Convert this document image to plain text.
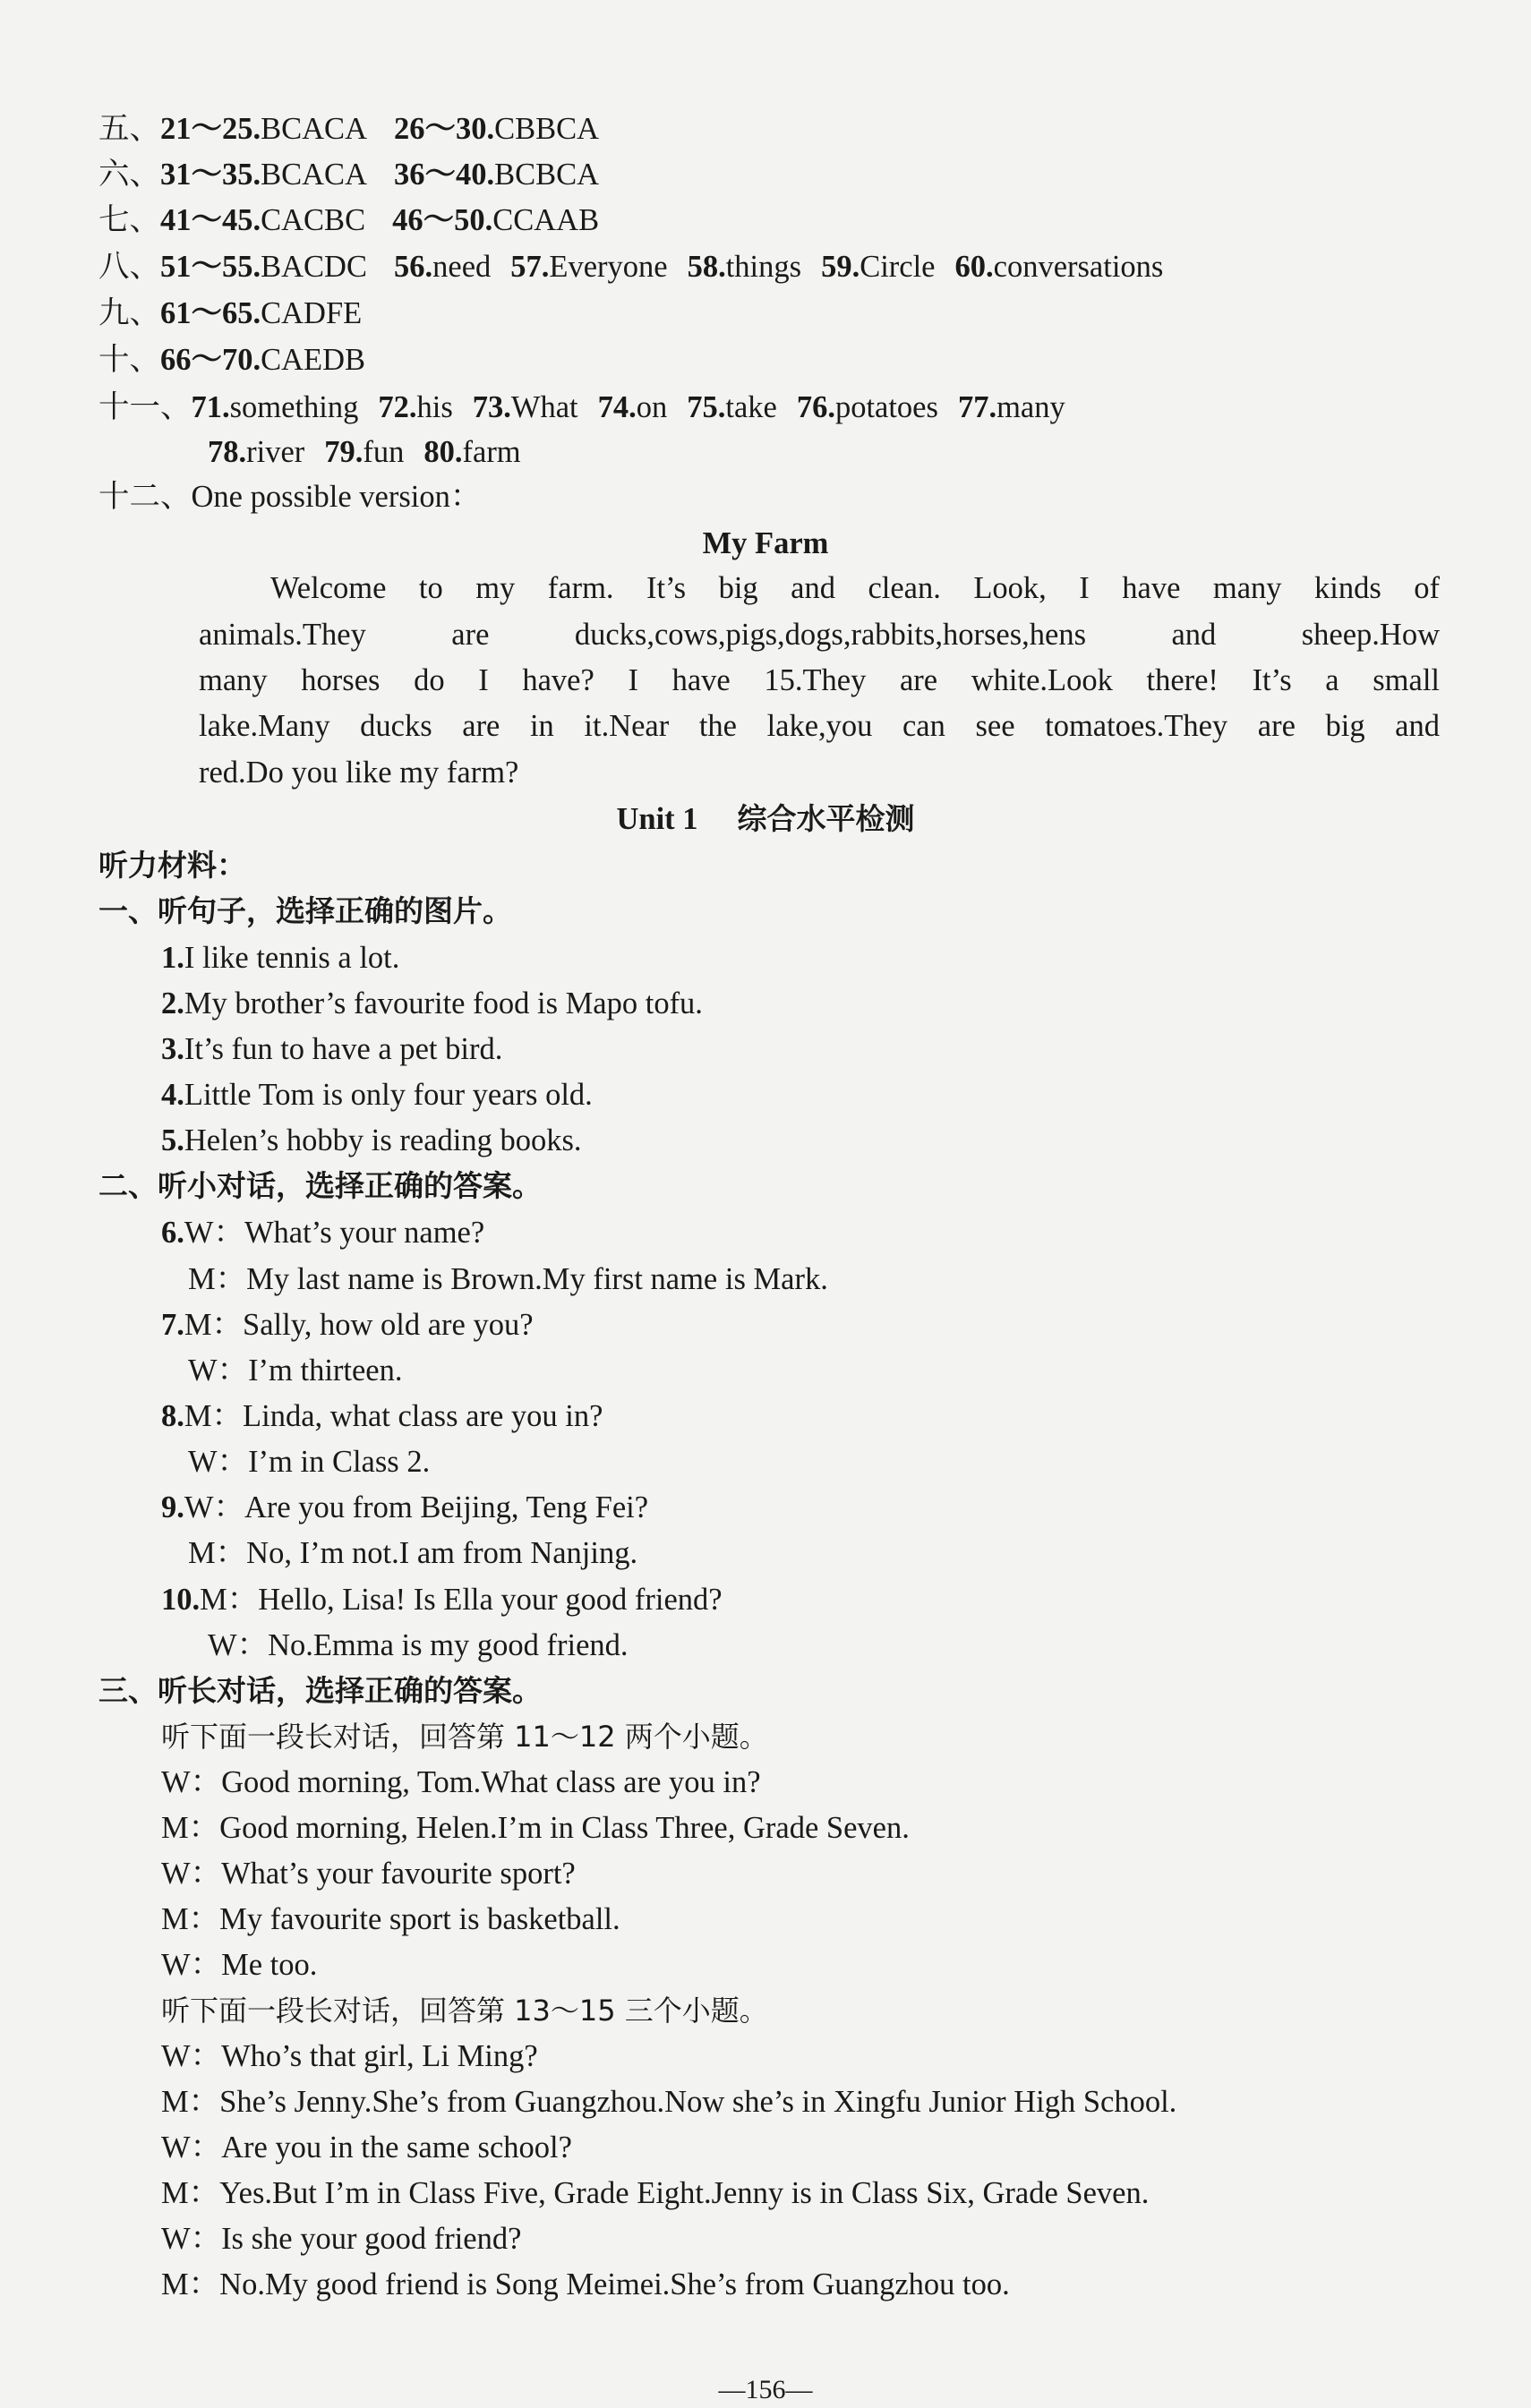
五、21～25.BCACA 26～30.CBBCA
六、31～35.BCACA 36～40.BCBCA
七、41～45.CACBC 46～50.CCAAB
八、51～55.BACDC 56.need 57.Everyone 58.things 59.Circle 60.conversations
九、61～65.CADFE
十、66～70.CAEDB
十一、71.something 72.his 73.What 74.on 75.take 76.potatoes 77.many
78.river 79.fun 80.farm
十二、One possible version：
My Farm
Welcome to my farm. It’s big and clean. Look, I have many kinds of
animals.They are ducks,cows,pigs,dogs,rabbits,horses,hens and sheep.How
many horses do I have? I have 15.They are white.Look there! It’s a small
lake.Many ducks are in it.Near the lake,you can see tomatoes.They are big and
red.Do you like my farm?
Unit 1 综合水平检测
听力材料：
一、听句子，选择正确的图片。
1.I like tennis a lot.
2.My brother’s favourite food is Mapo tofu.
3.It’s fun to have a pet bird.
4.Little Tom is only four years old.
5.Helen’s hobby is reading books.
二、听小对话，选择正确的答案。
6.W：What’s your name?
M：My last name is Brown.My first name is Mark.
7.M：Sally, how old are you?
W：I’m thirteen.
8.M：Linda, what class are you in?
W：I’m in Class 2.
9.W：Are you from Beijing, Teng Fei?
M：No, I’m not.I am from Nanjing.
10.M：Hello, Lisa! Is Ella your good friend?
W：No.Emma is my good friend.
三、听长对话，选择正确的答案。
听下面一段长对话，回答第 11～12 两个小题。
W：Good morning, Tom.What class are you in?
M：Good morning, Helen.I’m in Class Three, Grade Seven.
W：What’s your favourite sport?
M：My favourite sport is basketball.
W：Me too.
听下面一段长对话，回答第 13～15 三个小题。
W：Who’s that girl, Li Ming?
M：She’s Jenny.She’s from Guangzhou.Now she’s in Xingfu Junior High School.
W：Are you in the same school?
M：Yes.But I’m in Class Five, Grade Eight.Jenny is in Class Six, Grade Seven.
W：Is she your good friend?
M：No.My good friend is Song Meimei.She’s from Guangzhou too.
—156—
